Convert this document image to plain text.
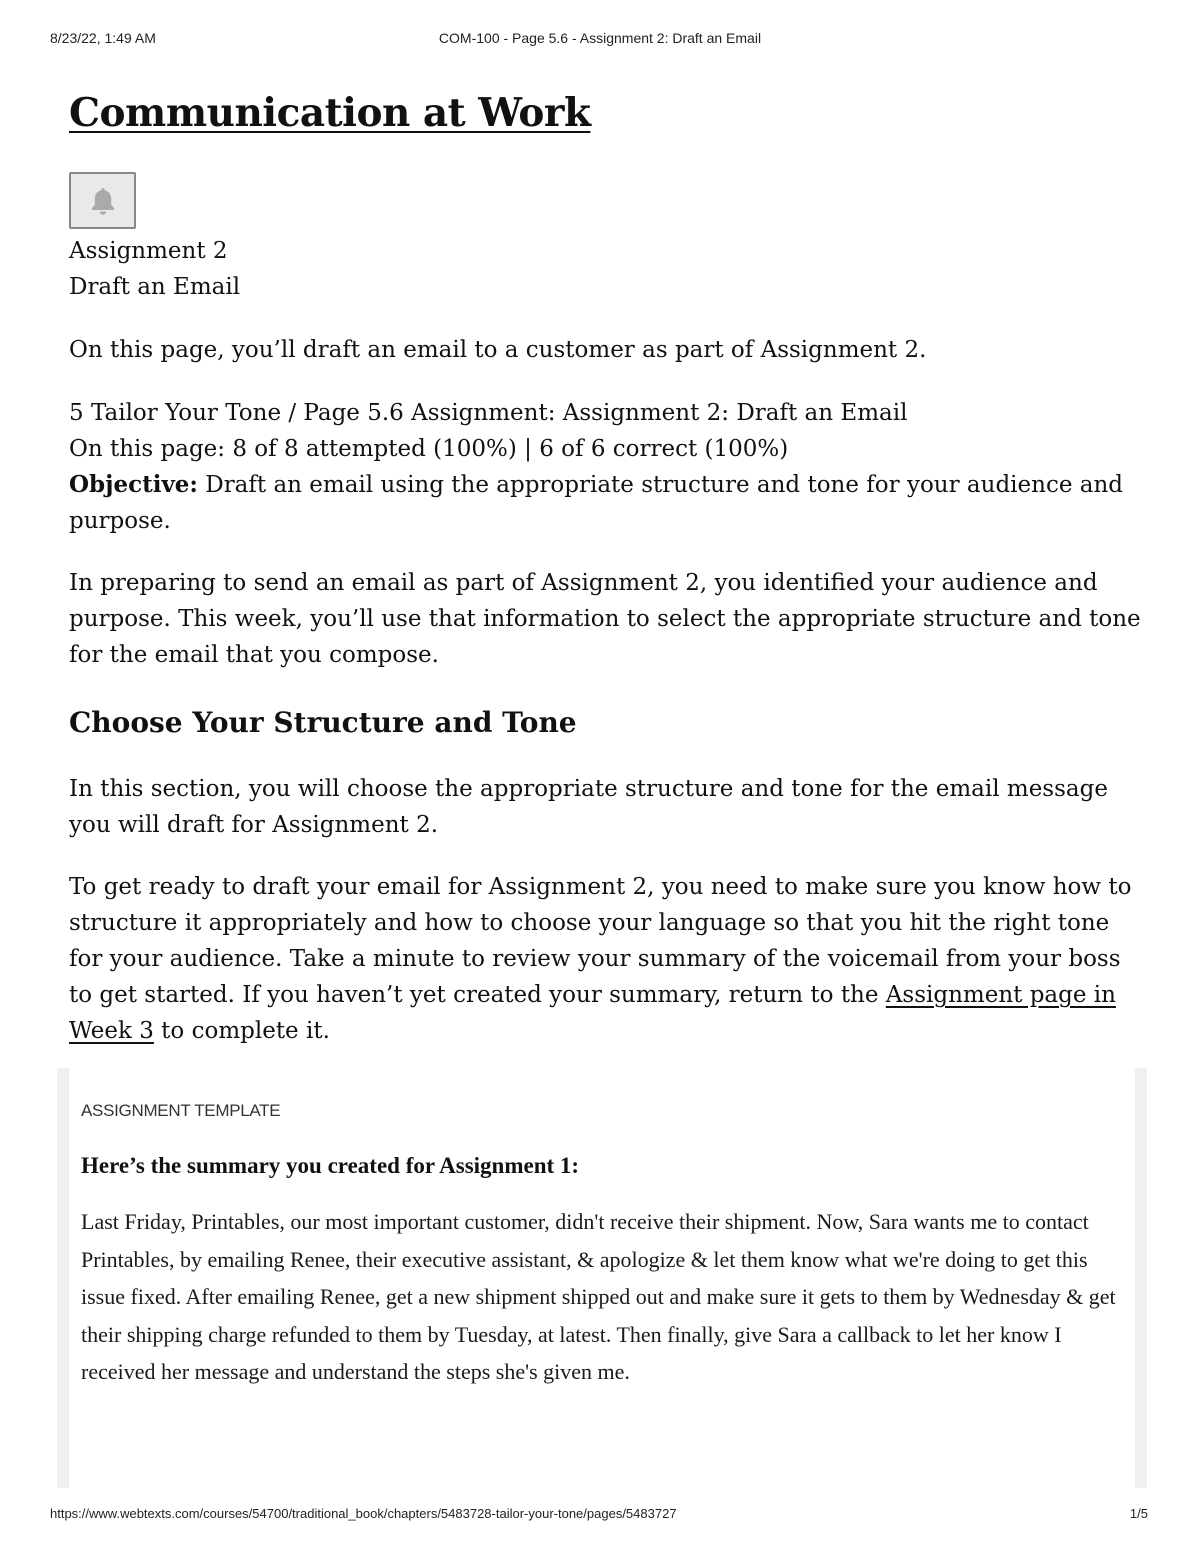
8/23/22, 1:49 AM	COM-100 - Page 5.6 - Assignment 2: Draft an Email
Communication at Work
Assignment 2
Draft an Email

On this page, you’ll draft an email to a customer as part of Assignment 2.

5 Tailor Your Tone / Page 5.6 Assignment: Assignment 2: Draft an Email

On this page: 8 of 8 attempted (100%) | 6 of 6 correct (100%)

Objective: Draft an email using the appropriate structure and tone for your audience and purpose.

In preparing to send an email as part of Assignment 2, you identified your audience and purpose. This week, you’ll use that information to select the appropriate structure and tone for the email that you compose.

Choose Your Structure and Tone

In this section, you will choose the appropriate structure and tone for the email message you will draft for Assignment 2.

To get ready to draft your email for Assignment 2, you need to make sure you know how to structure it appropriately and how to choose your language so that you hit the right tone for your audience. Take a minute to review your summary of the voicemail from your boss to get started. If you haven’t yet created your summary, return to the Assignment page in Week 3 to complete it.

ASSIGNMENT TEMPLATE
Here’s the summary you created for Assignment 1:
Last Friday, Printables, our most important customer, didn't receive their shipment. Now, Sara wants me to contact Printables, by emailing Renee, their executive assistant, & apologize & let them know what we're doing to get this issue fixed. After emailing Renee, get a new shipment shipped out and make sure it gets to them by Wednesday & get their shipping charge refunded to them by Tuesday, at latest. Then finally, give Sara a callback to let her know I received her message and understand the steps she's given me.
https://www.webtexts.com/courses/54700/traditional_book/chapters/5483728-tailor-your-tone/pages/5483727	1/5
